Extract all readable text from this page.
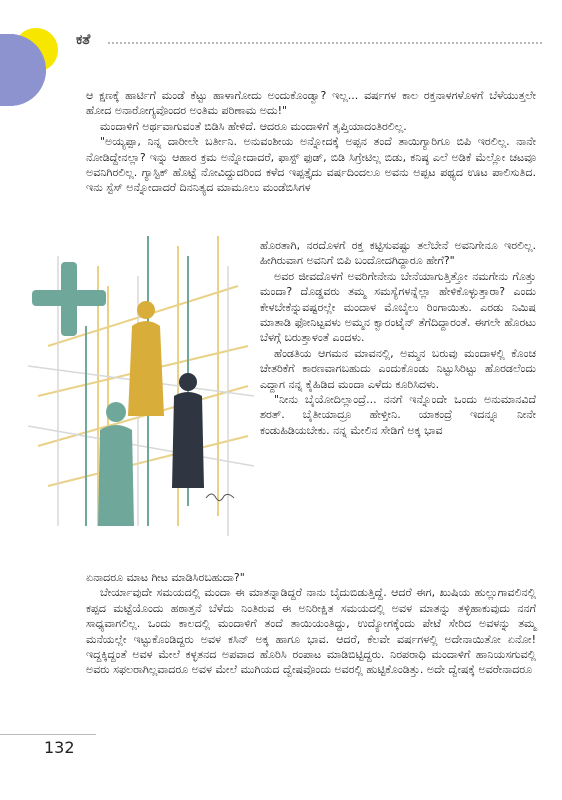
ಕತೆ

ಆ ಕ್ಷಣಕ್ಕೆ ಹಾರ್ಟಿಗೆ ಮಂಡೆ ಕೆಟ್ಟು ಹಾಳಾಗೋದು ಅಂದುಕೊಂಡ್ವಾ? ಇಲ್ಲ... ವರ್ಷಗಳ ಕಾಲ ರಕ್ತನಾಳಗಳೊಳಗೆ ಬೆಳೆಯುತ್ತಲೇ ಹೋದ ಅನಾರೋಗ್ಯವೊಂದರ ಅಂತಿಮ ಪರಿಣಾಮ ಅದು!"

ಮಂದಾಳಿಗೆ ಅರ್ಥವಾಗುವಂತೆ ಬಿಡಿಸಿ ಹೇಳಿದೆ. ಆದರೂ ಮಂದಾಳಿಗೆ ತೃಪ್ತಿಯಾದಂತಿರಲಿಲ್ಲ.

"ಅಯ್ಯಪ್ಪಾ, ನಿನ್ನ ದಾರೀಲೇ ಬರ್ತೀನಿ. ಅನುವಂಶೀಯ ಅನ್ನೋದಕ್ಕೆ ಅಪ್ಪನ ತಂದೆ ತಾಯಿಗ್ಯಾರಿಗೂ ಬಿಪಿ ಇರಲಿಲ್ಲ. ನಾನೇ ನೋಡಿದ್ದೇನಲ್ಲಾ? ಇನ್ನು ಆಹಾರ ಕ್ರಮ ಅನ್ನೋದಾದರೆ, ಫಾಸ್ಟ್ ಫುಡ್, ಬಿಡಿ ಸಿಗ್ರೇಟಿಲ್ಲ ಬಿಡು, ಕನಿಷ್ಠ ಎಲೆ ಅಡಿಕೆ ಮೆಲ್ಲೋ ಚಟವೂ ಅವನಿಗಿರಲಿಲ್ಲ. ಗ್ಯಾಸ್ಟಿಕ್ ಹೊಟ್ಟೆ ನೋವಿದ್ದುದರಿಂದ ಕಳೆದ ಇಪ್ಪತ್ತೈದು ವರ್ಷದಿಂದಲೂ ಅವನು ಅಪ್ಪಟ ಪಥ್ಯದ ಊಟ ಪಾಲಿಸುತಿದ. ಇನು ಸ್ಟೆಸ್ ಅನ್ನೋದಾದರೆ ದಿನನಿತ್ಯದ ಮಾಮೂಲು ಮಂಡೆಬಿಸಿಗಳ

ಹೊರತಾಗಿ, ನರದೊಳಗೆ ರಕ್ತ ಕಟ್ಟಿಸುವಷ್ಟು ತಲೆಬೇನೆ ಅವನಿಗೇನೂ ಇರಲಿಲ್ಲ. ಹೀಗಿರುವಾಗ ಅವನಿಗೆ ಬಿಪಿ ಬಂದೋದಗಿದ್ದಾರೂ ಹೇಗೆ?"

ಅವರ ಜೀವದೊಳಗೆ ಅವರಿಗೇನೇನು ಬೇನೆಯಾಗುತ್ತಿತ್ತೋ ನಮಗೇನು ಗೊತ್ತು ಮಂದಾ? ದೊಡ್ಡವರು ತಮ್ಮ ಸಮಸ್ಯೆಗಳನ್ನೆಲ್ಲಾ ಹೇಳಿಕೊಳ್ಳುತ್ತಾರಾ? ಎಂದು ಕೇಳಬೇಕೆನ್ನುವಷ್ಟರಲ್ಲೇ ಮಂದಾಳ ಮೊಬೈಲು ರಿಂಗಾಯಿತು. ಎರಡು ನಿಮಿಷ ಮಾತಾಡಿ ಫೋನಿಟ್ಟವಳು ಅಮ್ಮನ ಕ್ವಾರಂಟೈನ್ ತೆಗೆದಿದ್ದಾರಂತೆ. ಈಗಲೇ ಹೊರಟು ಬೆಳಗ್ಗೆ ಬರುತ್ತಾಳಂತೆ ಎಂದಳು.

ಹೆಂಡತಿಯ ಆಗಮನ ಮಾವನಲ್ಲಿ, ಅಮ್ಮನ ಬರುವು ಮಂದಾಳಲ್ಲಿ ಕೊಂಚ ಚೇತರಿಕೆಗೆ ಕಾರಣವಾಗಬಹುದು ಎಂದುಕೊಂಡು ನಿಟ್ಟುಸಿರಿಟ್ಟು ಹೊರಡಲೆಂದು ಎದ್ದಾಗ ನನ್ನ ಕೈಹಿಡಿದ ಮಂದಾ ಎಳೆದು ಕೂರಿಸಿದಳು.

"ನೀನು ಬೈಯೋದಿಲ್ಲಾಂದ್ರೆ... ನನಗೆ ಇನ್ನೊಂದೇ ಒಂದು ಅನುಮಾನವಿದೆ ಶರತ್. ಬೈತೀಯಾದ್ರೂ ಹೇಳ್ತೀನಿ. ಯಾಕಂದ್ರೆ ಇದನ್ನೂ ನೀನೇ ಕಂಡುಹಿಡಿಯಬೇಕು. ನನ್ನ ಮೇಲಿನ ಸೇಡಿಗೆ ಅಕ್ಕ ಭಾವ

ಏನಾದರೂ ಮಾಟ ಗೀಟ ಮಾಡಿಸಿರಬಹುದಾ?"

ಬೇರ್ಯಾವುದೇ ಸಮಯದಲ್ಲಿ ಮಂದಾ ಈ ಮಾತನ್ನಾಡಿದ್ದರೆ ನಾನು ಬೈದುಬಿಡುತ್ತಿದ್ದೆ. ಆದರೆ ಈಗ, ಖುಷಿಯ ಹುಲ್ಲುಗಾವಲಿನಲ್ಲಿ ಕಪ್ಪದ ಮಟ್ಟೆಯೊಂದು ಹಠಾತ್ತನೆ ಬೆಳೆದು ನಿಂತಿರುವ ಈ ಅನಿರೀಕ್ಷಿತ ಸಮಯದಲ್ಲಿ ಅವಳ ಮಾತನ್ನು ತಳ್ಳಿಹಾಕುವುದು ನನಗೆ ಸಾಧ್ಯವಾಗಲಿಲ್ಲ. ಒಂದು ಕಾಲದಲ್ಲಿ ಮಂದಾಳಿಗೆ ತಂದೆ ತಾಯಿಯಂತಿದ್ದು, ಉದ್ಯೋಗಕ್ಕೆಂದು ಪೇಟೆ ಸೇರಿದ ಅವಳನ್ನು ತಮ್ಮ ಮನೆಯಲ್ಲೇ ಇಟ್ಟುಕೊಂಡಿದ್ದರು ಅವಳ ಕಸಿನ್ ಅಕ್ಕ ಹಾಗೂ ಭಾವ. ಆದರೆ, ಕೆಲವೇ ವರ್ಷಗಳಲ್ಲಿ ಅದೇನಾಯಿತೋ ಏನೋ! ಇದ್ದಕ್ಕಿದ್ದಂತೆ ಅವಳ ಮೇಲೆ ಕಳ್ಳತನದ ಅಪವಾದ ಹೊರಿಸಿ ರಂಪಾಟ ಮಾಡಿಬಿಟ್ಟಿದ್ದರು. ನಿರಪರಾಧಿ ಮಂದಾಳಿಗೆ ಹಾನಿಯಸಗುವಲ್ಲಿ ಅವರು ಸಫಲರಾಗಿಲ್ಲವಾದರೂ ಅವಳ ಮೇಲೆ ಮುಗಿಯದ ದ್ವೇಷವೊಂದು ಅವರಲ್ಲಿ ಹುಟ್ಟಿಕೊಂಡಿತ್ತು. ಅದೇ ದ್ವೇಷಕ್ಕೆ ಅವರೇನಾದರೂ

132
